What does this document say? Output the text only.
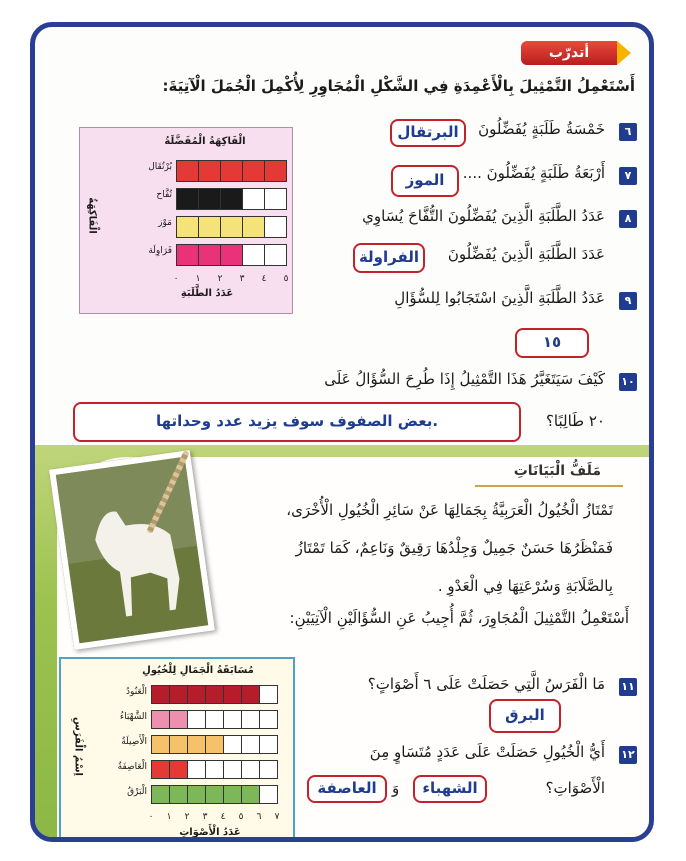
أتدرّب
أَسْتَعْمِلُ التَّمْثِيلَ بِالْأَعْمِدَةِ فِي الشَّكْلِ الْمُجَاوِرِ لِأُكْمِلَ الْجُمَلَ الْآتِيَةَ:
الْفَاكِهَةُ الْمُفَضَّلَةُ
الْفَاكِهَةُ
عَدَدُ الطَّلَبَةِ
بُرْتُقَال
تُفَّاح
مَوْز
فَرَاوِلَة
٠	١	٢	٣	٤	٥
٦
خَمْسَةُ طَلَبَةٍ يُفَضِّلُونَ
البرتقال
٧
أَرْبَعَةُ طَلَبَةٍ يُفَضِّلُونَ ....
الموز
٨
عَدَدُ الطَّلَبَةِ الَّذِينَ يُفَضِّلُونَ التُّفَّاحَ يُسَاوِي
عَدَدَ الطَّلَبَةِ الَّذِينَ يُفَضِّلُونَ
الفراولة
٩
عَدَدُ الطَّلَبَةِ الَّذِينَ اسْتَجَابُوا لِلسُّؤَالِ
١٥
١٠
كَيْفَ سَيَتَغَيَّرُ هَذَا التَّمْثِيلُ إِذَا طُرِحَ السُّؤَالُ عَلَى
٢٠ طَالِبًا؟
بعض الصفوف سوف يزيد عدد وحداتها.
مَلَفُّ الْبَيَانَاتِ
تَمْتَازُ الْخُيُولُ الْعَرَبِيَّةُ بِجَمَالِهَا عَنْ سَائِرِ الْخُيُولِ الْأُخْرَى،
فَمَنْظَرُهَا حَسَنٌ جَمِيلٌ وَجِلْدُهَا رَقِيقٌ وَنَاعِمٌ، كَمَا تَمْتَازُ
بِالصَّلَابَةِ وَسُرْعَتِهَا فِي الْعَدْوِ .
أَسْتَعْمِلُ التَّمْثِيلَ الْمُجَاوِرَ، ثُمَّ أُجِيبُ عَنِ السُّؤَالَيْنِ الْآتِيَيْنِ:
مُسَابَقَةُ الْجَمَالِ لِلْخُيُولِ
اِسْمُ الْفَرَسِ
عَدَدُ الْأَصْوَاتِ
الْعَنُودُ
الشَّهْبَاءُ
الْأَصِيلَةُ
الْعَاصِفَةُ
الْبَرْقُ
٠	١	٢	٣	٤	٥	٦	٧
١١
مَا الْفَرَسُ الَّتِي حَصَلَتْ عَلَى ٦ أَصْوَاتٍ؟
البرق
١٢
أَيُّ الْخُيُولِ حَصَلَتْ عَلَى عَدَدٍ مُتَسَاوٍ مِنَ
الْأَصْوَاتِ؟
الشهباء
وَ
العاصفة
